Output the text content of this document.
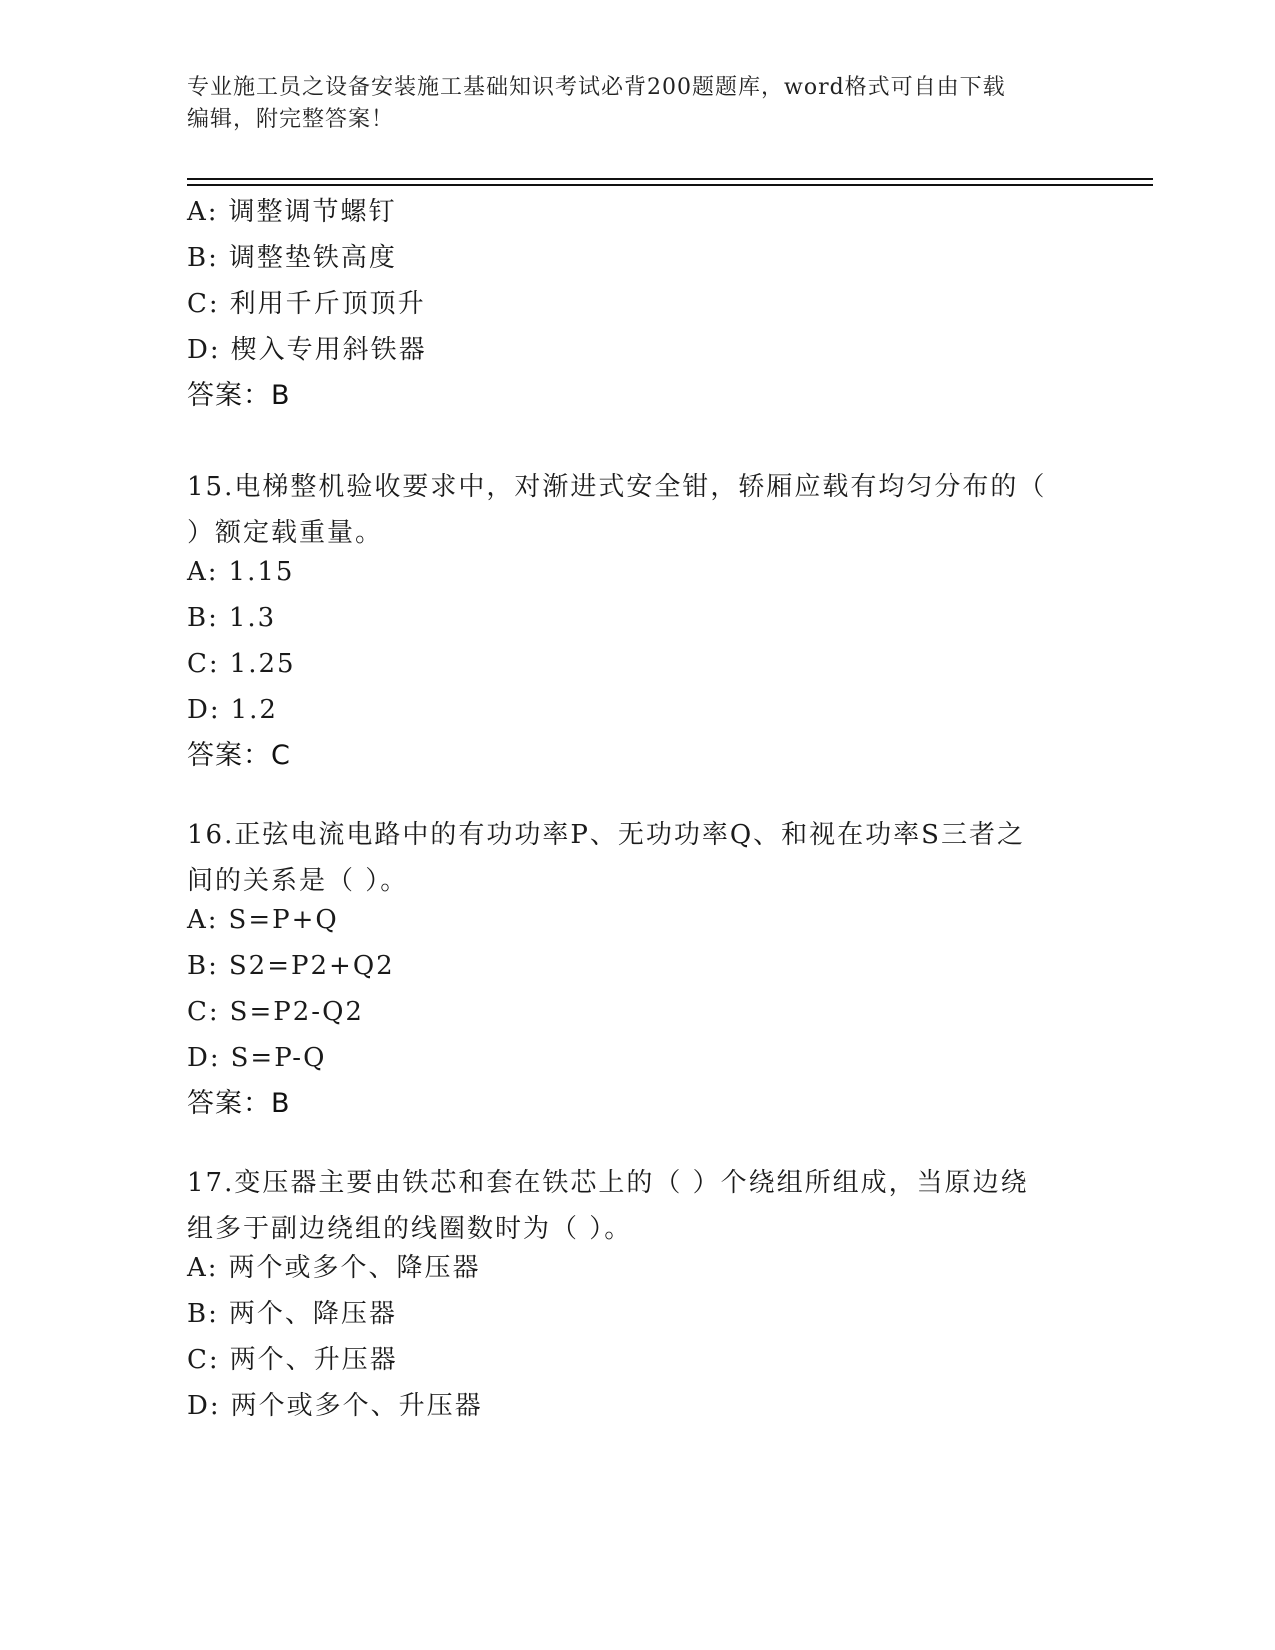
专业施工员之设备安装施工基础知识考试必背200题题库，word格式可自由下载
编辑，附完整答案！
A: 调整调节螺钉
B: 调整垫铁高度
C: 利用千斤顶顶升
D: 楔入专用斜铁器
答案：B
15.电梯整机验收要求中，对渐进式安全钳，轿厢应载有均匀分布的（
）额定载重量。
A: 1.15
B: 1.3
C: 1.25
D: 1.2
答案：C
16.正弦电流电路中的有功功率P、无功功率Q、和视在功率S三者之
间的关系是（ ）。
A: S=P+Q
B: S2=P2+Q2
C: S=P2-Q2
D: S=P-Q
答案：B
17.变压器主要由铁芯和套在铁芯上的（ ）个绕组所组成，当原边绕
组多于副边绕组的线圈数时为（ ）。
A: 两个或多个、降压器
B: 两个、降压器
C: 两个、升压器
D: 两个或多个、升压器
